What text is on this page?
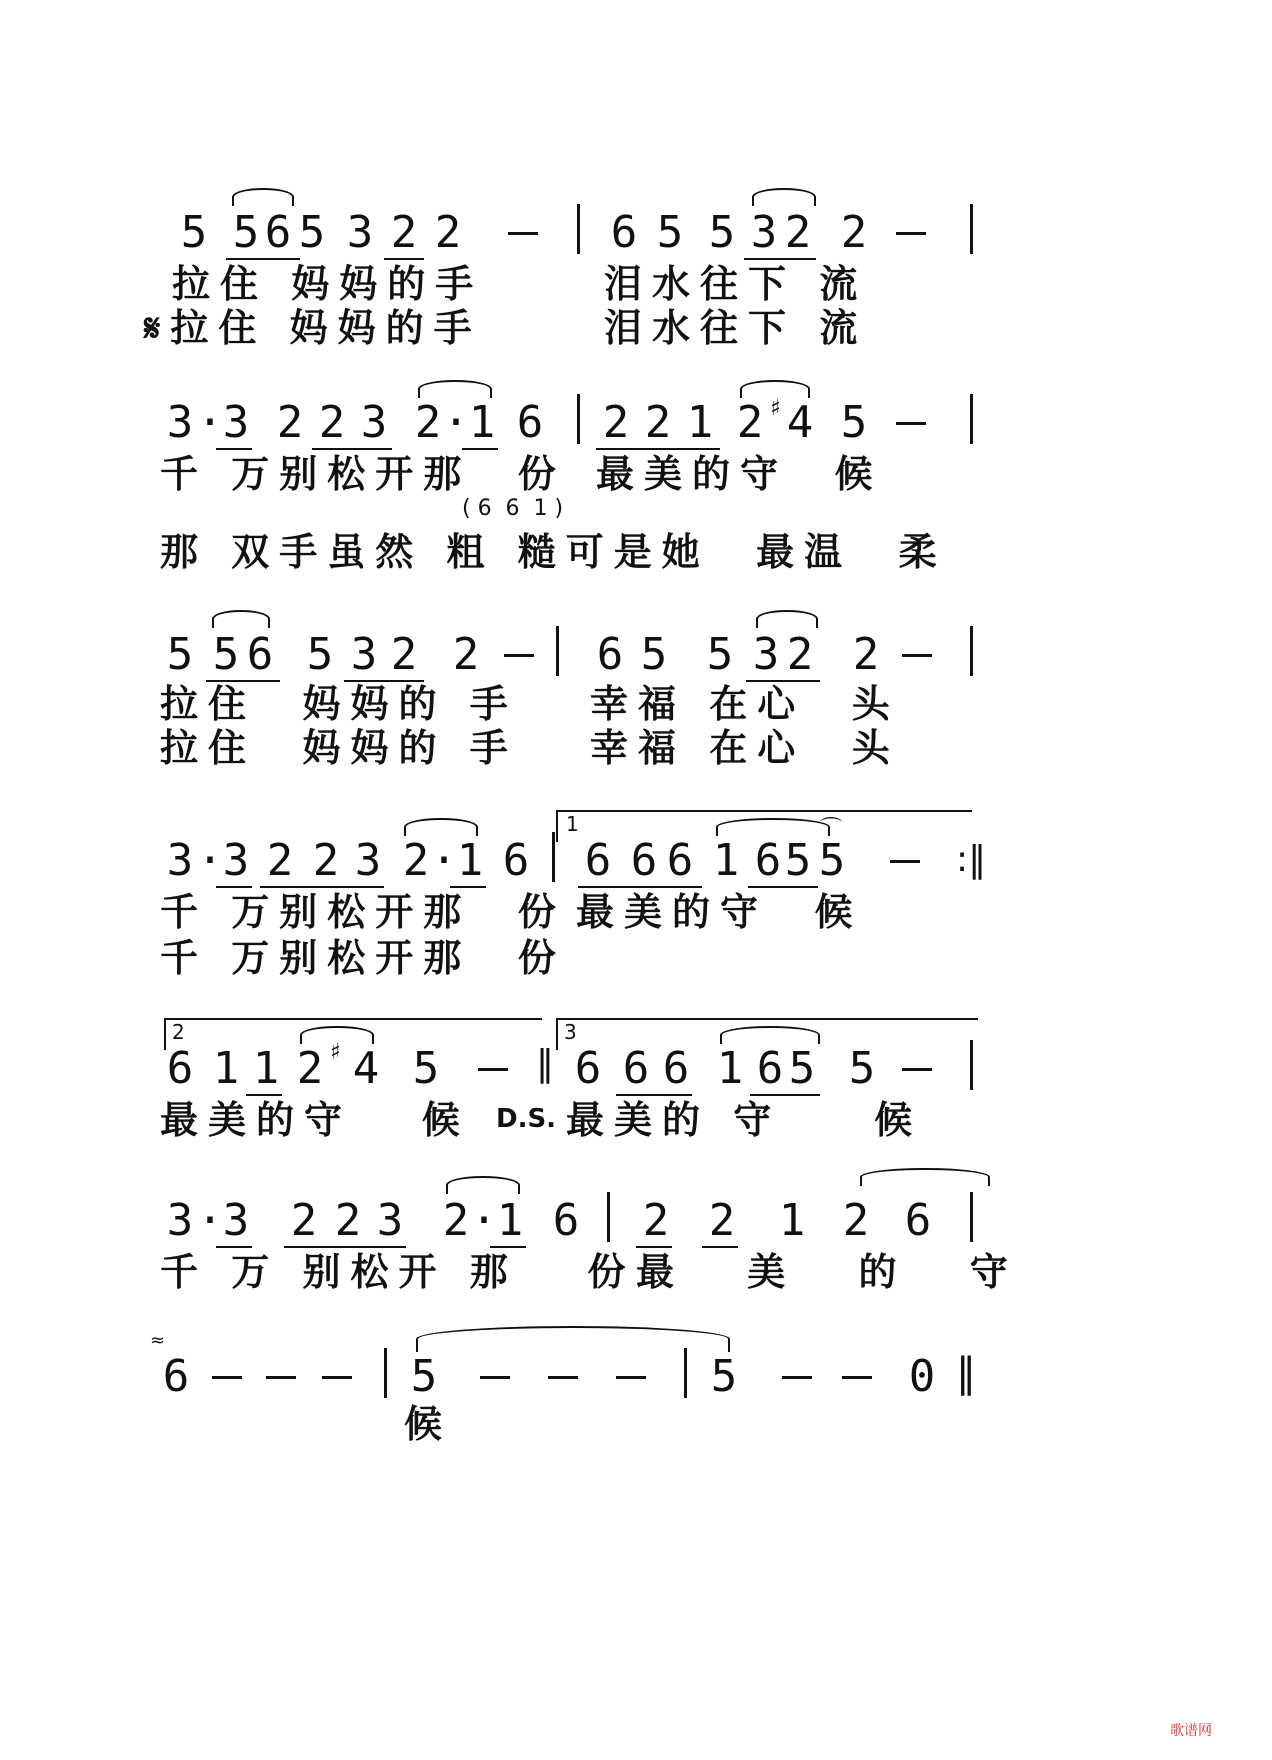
5 5 6 5 3 2 2	6 5 5 3 2 2
拉住 妈妈的手	泪水往下 流
𝄋拉住 妈妈的手	泪水往下 流
3 · 3 2 2 3 2 · 1 6 2 2 1 2 ♯ 4 5
千 万别松开那  份 最美的守  候
( 6  6  1 )
那 双手虽然 粗 糙可是她  最温  柔
5 5 6 5 3 2 2	6 5 5 3 2 2
拉住  妈妈的 手 幸福 在心  头
拉住  妈妈的 手 幸福 在心  头
3 · 3 2 2 3 2 · 1 6
1
6 6 6 1 6 5 5
⌒
:‖
千 万别松开那  份 最美的守  候
千 万别松开那  份
2
6 1 1 2 ♯ 4 5	‖
3
6 6 6 1 6 5 5
最美的守   候 D.S. 最美的 守    候
3 · 3 2 2 3 2 · 1 6 2 2 1 2 6
千 万 别松开 那   份 最 美 的 守
≈
6	5	5	0 ‖
候
歌谱网
